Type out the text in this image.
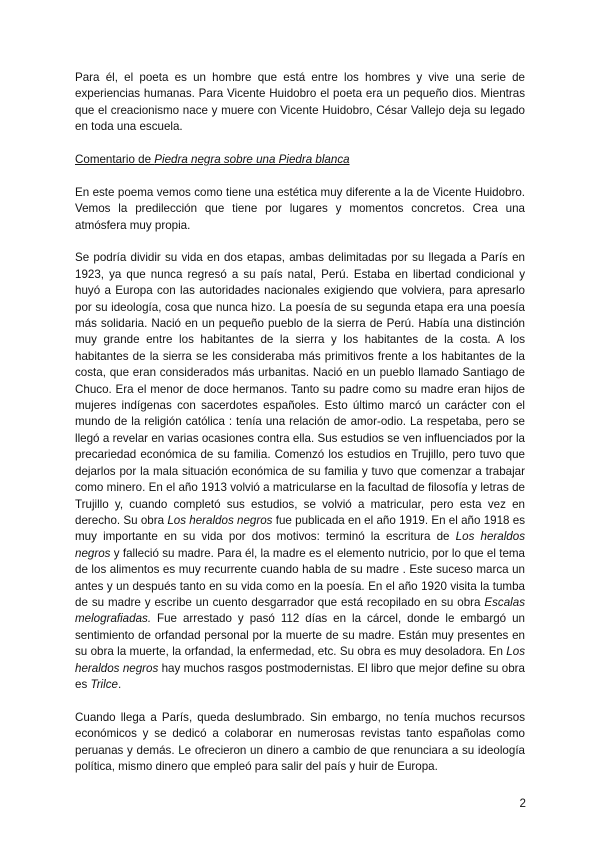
Para él, el poeta es un hombre que está entre los hombres y vive una serie de experiencias humanas. Para Vicente Huidobro el poeta era un pequeño dios. Mientras que el creacionismo nace y muere con Vicente Huidobro, César Vallejo deja su legado en toda una escuela.

Comentario de Piedra negra sobre una Piedra blanca

En este poema vemos como tiene una estética muy diferente a la de Vicente Huidobro. Vemos la predilección que tiene por lugares y momentos concretos. Crea una atmósfera muy propia.

Se podría dividir su vida en dos etapas, ambas delimitadas por su llegada a París en 1923, ya que nunca regresó a su país natal, Perú. Estaba en libertad condicional y huyó a Europa con las autoridades nacionales exigiendo que volviera, para apresarlo por su ideología, cosa que nunca hizo. La poesía de su segunda etapa era una poesía más solidaria. Nació en un pequeño pueblo de la sierra de Perú. Había una distinción muy grande entre los habitantes de la sierra y los habitantes de la costa. A los habitantes de la sierra se les consideraba más primitivos frente a los habitantes de la costa, que eran considerados más urbanitas. Nació en un pueblo llamado Santiago de Chuco. Era el menor de doce hermanos. Tanto su padre como su madre eran hijos de mujeres indígenas con sacerdotes españoles. Esto último marcó un carácter con el mundo de la religión católica : tenía una relación de amor-odio. La respetaba, pero se llegó a revelar en varias ocasiones contra ella. Sus estudios se ven influenciados por la precariedad económica de su familia. Comenzó los estudios en Trujillo, pero tuvo que dejarlos por la mala situación económica de su familia y tuvo que comenzar a trabajar como minero. En el año 1913 volvió a matricularse en la facultad de filosofía y letras de Trujillo y, cuando completó sus estudios, se volvió a matricular, pero esta vez en derecho. Su obra Los heraldos negros fue publicada en el año 1919. En el año 1918 es muy importante en su vida por dos motivos: terminó la escritura de Los heraldos negros y falleció su madre. Para él, la madre es el elemento nutricio, por lo que el tema de los alimentos es muy recurrente cuando habla de su madre . Este suceso marca un antes y un después tanto en su vida como en la poesía. En el año 1920 visita la tumba de su madre y escribe un cuento desgarrador que está recopilado en su obra Escalas melografiadas. Fue arrestado y pasó 112 días en la cárcel, donde le embargó un sentimiento de orfandad personal por la muerte de su madre. Están muy presentes en su obra la muerte, la orfandad, la enfermedad, etc. Su obra es muy desoladora. En Los heraldos negros hay muchos rasgos postmodernistas. El libro que mejor define su obra es Trilce.

Cuando llega a París, queda deslumbrado. Sin embargo, no tenía muchos recursos económicos y se dedicó a colaborar en numerosas revistas tanto españolas como peruanas y demás. Le ofrecieron un dinero a cambio de que renunciara a su ideología política, mismo dinero que empleó para salir del país y huir de Europa.

2
